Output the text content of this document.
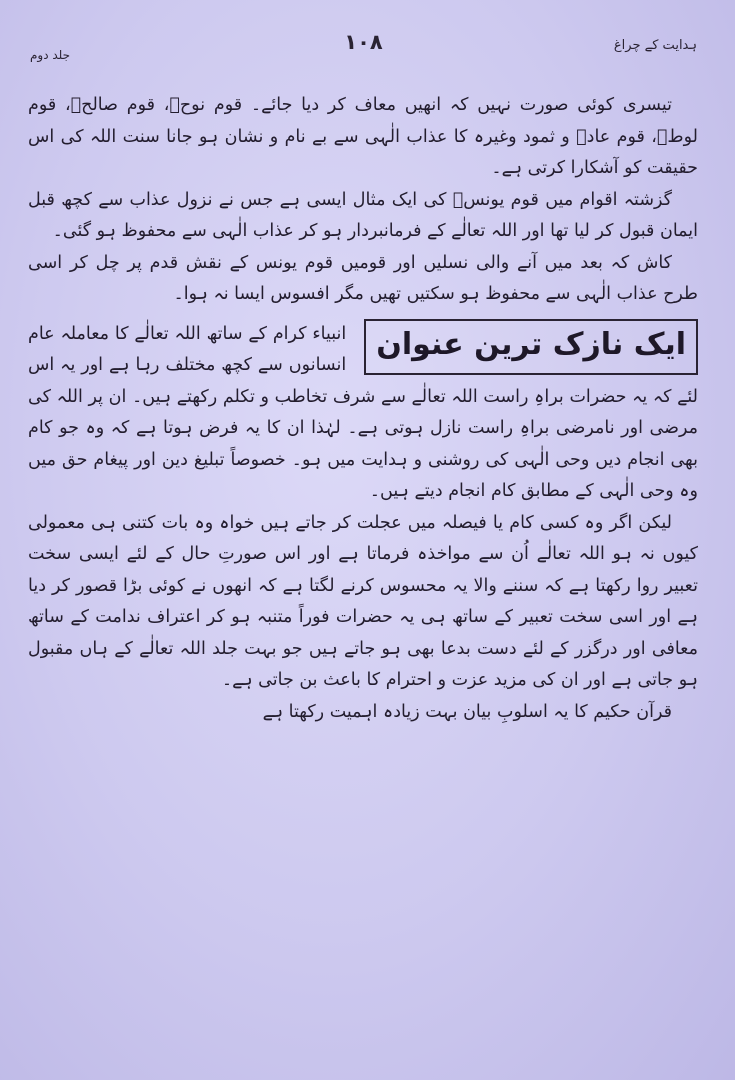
ہدایت کے چراغ
۱۰۸
جلد دوم

تیسری کوئی صورت نہیں کہ انھیں معاف کر دیا جائے۔ قوم نوحؑ، قوم صالحؑ، قوم لوطؑ، قوم عادؑ و ثمود وغیرہ کا عذاب الٰہی سے بے نام و نشان ہو جانا سنت اللہ کی اس حقیقت کو آشکارا کرتی ہے۔

گزشتہ اقوام میں قوم یونسؑ کی ایک مثال ایسی ہے جس نے نزول عذاب سے کچھ قبل ایمان قبول کر لیا تھا اور اللہ تعالٰے کے فرمانبردار ہو کر عذاب الٰہی سے محفوظ ہو گئی۔

کاش کہ بعد میں آنے والی نسلیں اور قومیں قوم یونس کے نقش قدم پر چل کر اسی طرح عذاب الٰہی سے محفوظ ہو سکتیں تھیں مگر افسوس ایسا نہ ہوا۔

ایک نازک ترین عنوان

انبیاء کرام کے ساتھ اللہ تعالٰے کا معاملہ عام انسانوں سے کچھ مختلف رہا ہے اور یہ اس لئے کہ یہ حضرات براہِ راست اللہ تعالٰے سے شرف تخاطب و تکلم رکھتے ہیں۔ ان پر اللہ کی مرضی اور نامرضی براہِ راست نازل ہوتی ہے۔ لہٰذا ان کا یہ فرض ہوتا ہے کہ وہ جو کام بھی انجام دیں وحی الٰہی کی روشنی و ہدایت میں ہو۔ خصوصاً تبلیغ دین اور پیغام حق میں وہ وحی الٰہی کے مطابق کام انجام دیتے ہیں۔

لیکن اگر وہ کسی کام یا فیصلہ میں عجلت کر جاتے ہیں خواہ وہ بات کتنی ہی معمولی کیوں نہ ہو اللہ تعالٰے اُن سے مواخذہ فرماتا ہے اور اس صورتِ حال کے لئے ایسی سخت تعبیر روا رکھتا ہے کہ سننے والا یہ محسوس کرنے لگتا ہے کہ انھوں نے کوئی بڑا قصور کر دیا ہے اور اسی سخت تعبیر کے ساتھ ہی یہ حضرات فوراً متنبہ ہو کر اعتراف ندامت کے ساتھ معافی اور درگزر کے لئے دست بدعا بھی ہو جاتے ہیں جو بہت جلد اللہ تعالٰے کے ہاں مقبول ہو جاتی ہے اور ان کی مزید عزت و احترام کا باعث بن جاتی ہے۔

قرآن حکیم کا یہ اسلوبِ بیان بہت زیادہ اہمیت رکھتا ہے
